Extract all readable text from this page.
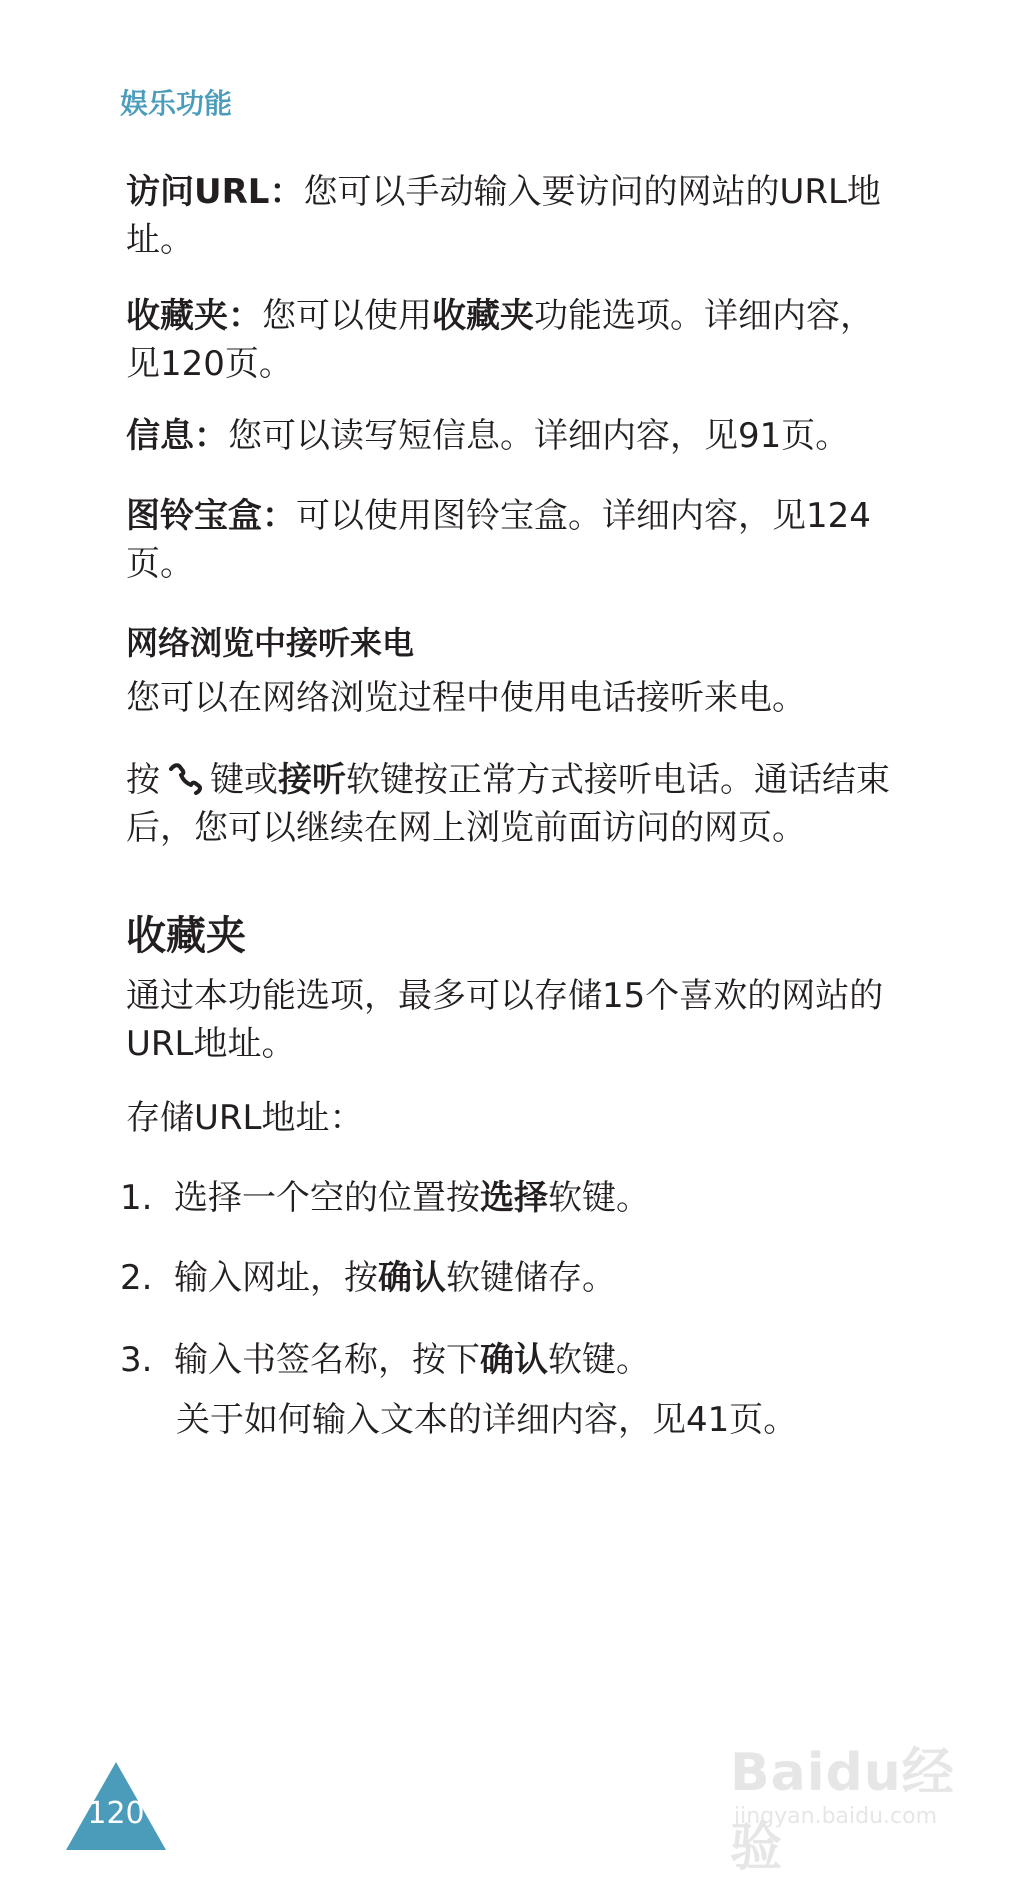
娱乐功能
访问URL：您可以手动输入要访问的网站的URL地址。
收藏夹：您可以使用收藏夹功能选项。详细内容，见120页。
信息：您可以读写短信息。详细内容，见91页。
图铃宝盒：可以使用图铃宝盒。详细内容，见124页。
网络浏览中接听来电
您可以在网络浏览过程中使用电话接听来电。
按 键或接听软键按正常方式接听电话。通话结束后，您可以继续在网上浏览前面访问的网页。
收藏夹
通过本功能选项，最多可以存储15个喜欢的网站的URL地址。
存储URL地址：
1. 选择一个空的位置按选择软键。
2. 输入网址，按确认软键储存。
3. 输入书签名称，按下确认软键。
关于如何输入文本的详细内容，见41页。
120
Baidu经验
jingyan.baidu.com
